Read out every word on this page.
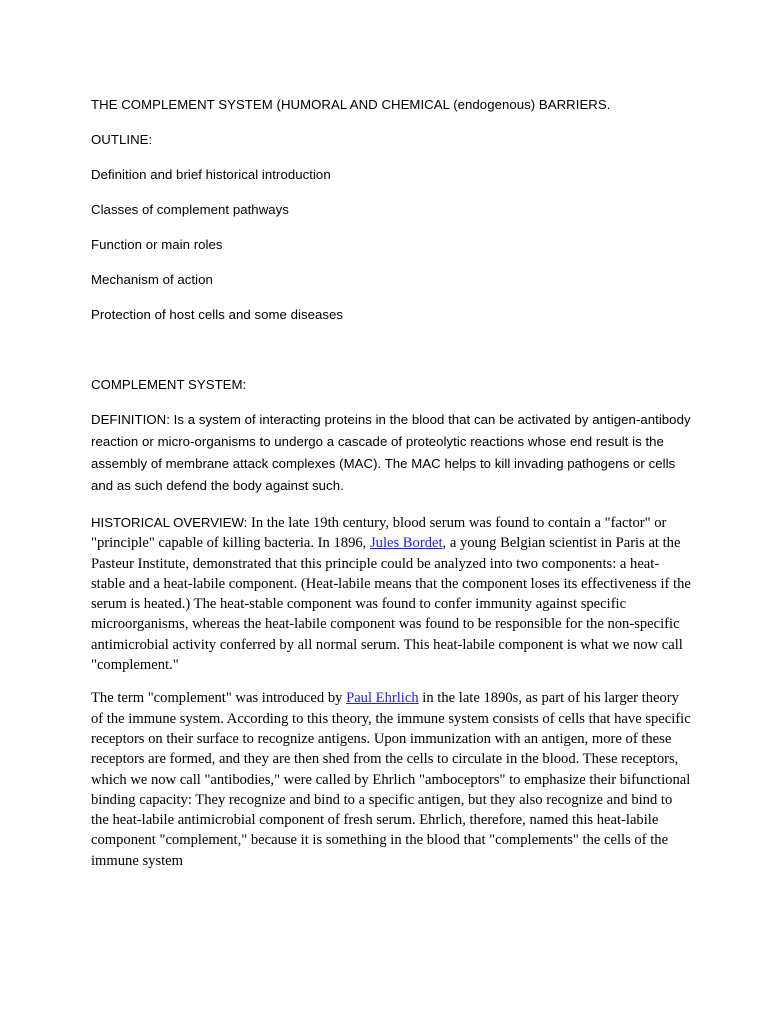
THE COMPLEMENT SYSTEM (HUMORAL AND CHEMICAL (endogenous) BARRIERS.

OUTLINE:

Definition and brief historical introduction

Classes of complement pathways

Function or main roles

Mechanism of action

Protection of host cells and some diseases

COMPLEMENT SYSTEM:

DEFINITION: Is a system of interacting proteins in the blood that can be activated by antigen-antibody reaction or micro-organisms to undergo a cascade of proteolytic reactions whose end result is the assembly of membrane attack complexes (MAC). The MAC helps to kill invading pathogens or cells and as such defend the body against such.

HISTORICAL OVERVIEW: In the late 19th century, blood serum was found to contain a "factor" or "principle" capable of killing bacteria. In 1896, Jules Bordet, a young Belgian scientist in Paris at the Pasteur Institute, demonstrated that this principle could be analyzed into two components: a heat-stable and a heat-labile component. (Heat-labile means that the component loses its effectiveness if the serum is heated.) The heat-stable component was found to confer immunity against specific microorganisms, whereas the heat-labile component was found to be responsible for the non-specific antimicrobial activity conferred by all normal serum. This heat-labile component is what we now call "complement."

The term "complement" was introduced by Paul Ehrlich in the late 1890s, as part of his larger theory of the immune system. According to this theory, the immune system consists of cells that have specific receptors on their surface to recognize antigens. Upon immunization with an antigen, more of these receptors are formed, and they are then shed from the cells to circulate in the blood. These receptors, which we now call "antibodies," were called by Ehrlich "amboceptors" to emphasize their bifunctional binding capacity: They recognize and bind to a specific antigen, but they also recognize and bind to the heat-labile antimicrobial component of fresh serum. Ehrlich, therefore, named this heat-labile component "complement," because it is something in the blood that "complements" the cells of the immune system
